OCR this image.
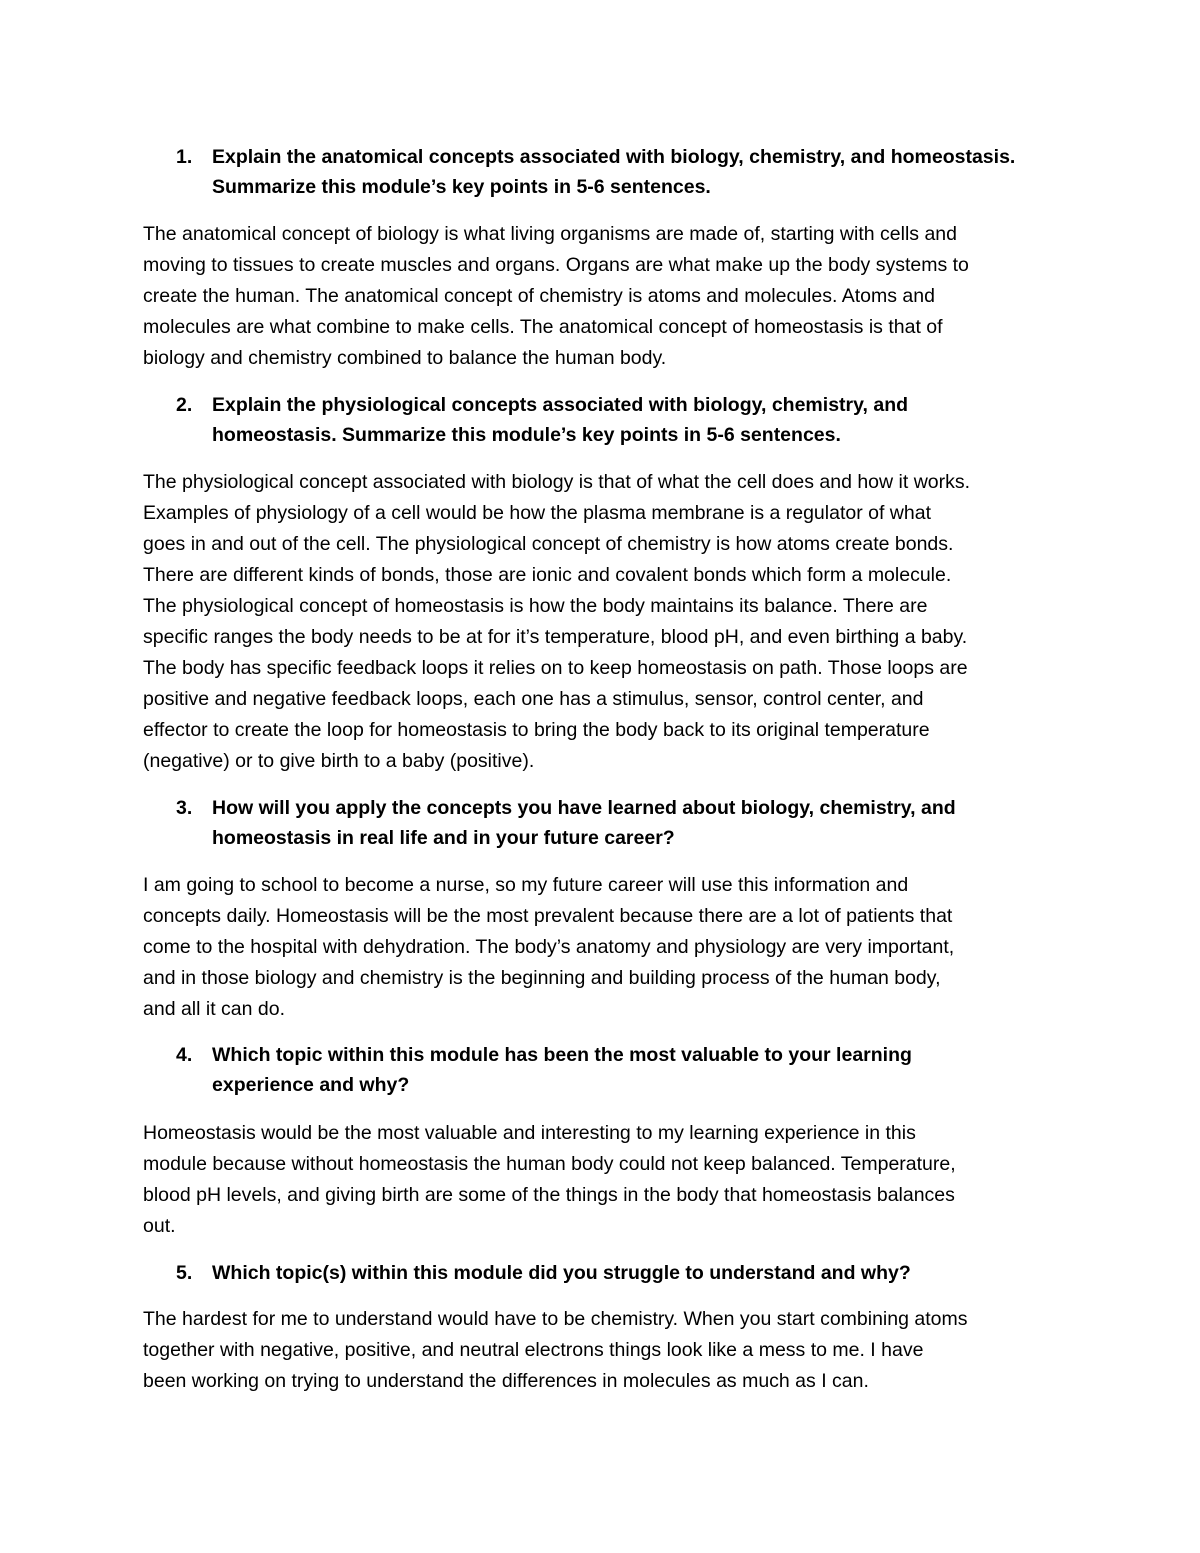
1. Explain the anatomical concepts associated with biology, chemistry, and homeostasis.
Summarize this module’s key points in 5-6 sentences.
The anatomical concept of biology is what living organisms are made of, starting with cells and
moving to tissues to create muscles and organs. Organs are what make up the body systems to
create the human. The anatomical concept of chemistry is atoms and molecules. Atoms and
molecules are what combine to make cells. The anatomical concept of homeostasis is that of
biology and chemistry combined to balance the human body.
2. Explain the physiological concepts associated with biology, chemistry, and
homeostasis. Summarize this module’s key points in 5-6 sentences.
The physiological concept associated with biology is that of what the cell does and how it works.
Examples of physiology of a cell would be how the plasma membrane is a regulator of what
goes in and out of the cell. The physiological concept of chemistry is how atoms create bonds.
There are different kinds of bonds, those are ionic and covalent bonds which form a molecule.
The physiological concept of homeostasis is how the body maintains its balance. There are
specific ranges the body needs to be at for it’s temperature, blood pH, and even birthing a baby.
The body has specific feedback loops it relies on to keep homeostasis on path. Those loops are
positive and negative feedback loops, each one has a stimulus, sensor, control center, and
effector to create the loop for homeostasis to bring the body back to its original temperature
(negative) or to give birth to a baby (positive).
3. How will you apply the concepts you have learned about biology, chemistry, and
homeostasis in real life and in your future career?
I am going to school to become a nurse, so my future career will use this information and
concepts daily. Homeostasis will be the most prevalent because there are a lot of patients that
come to the hospital with dehydration. The body’s anatomy and physiology are very important,
and in those biology and chemistry is the beginning and building process of the human body,
and all it can do.
4. Which topic within this module has been the most valuable to your learning
experience and why?
Homeostasis would be the most valuable and interesting to my learning experience in this
module because without homeostasis the human body could not keep balanced. Temperature,
blood pH levels, and giving birth are some of the things in the body that homeostasis balances
out.
5. Which topic(s) within this module did you struggle to understand and why?
The hardest for me to understand would have to be chemistry. When you start combining atoms
together with negative, positive, and neutral electrons things look like a mess to me. I have
been working on trying to understand the differences in molecules as much as I can.
